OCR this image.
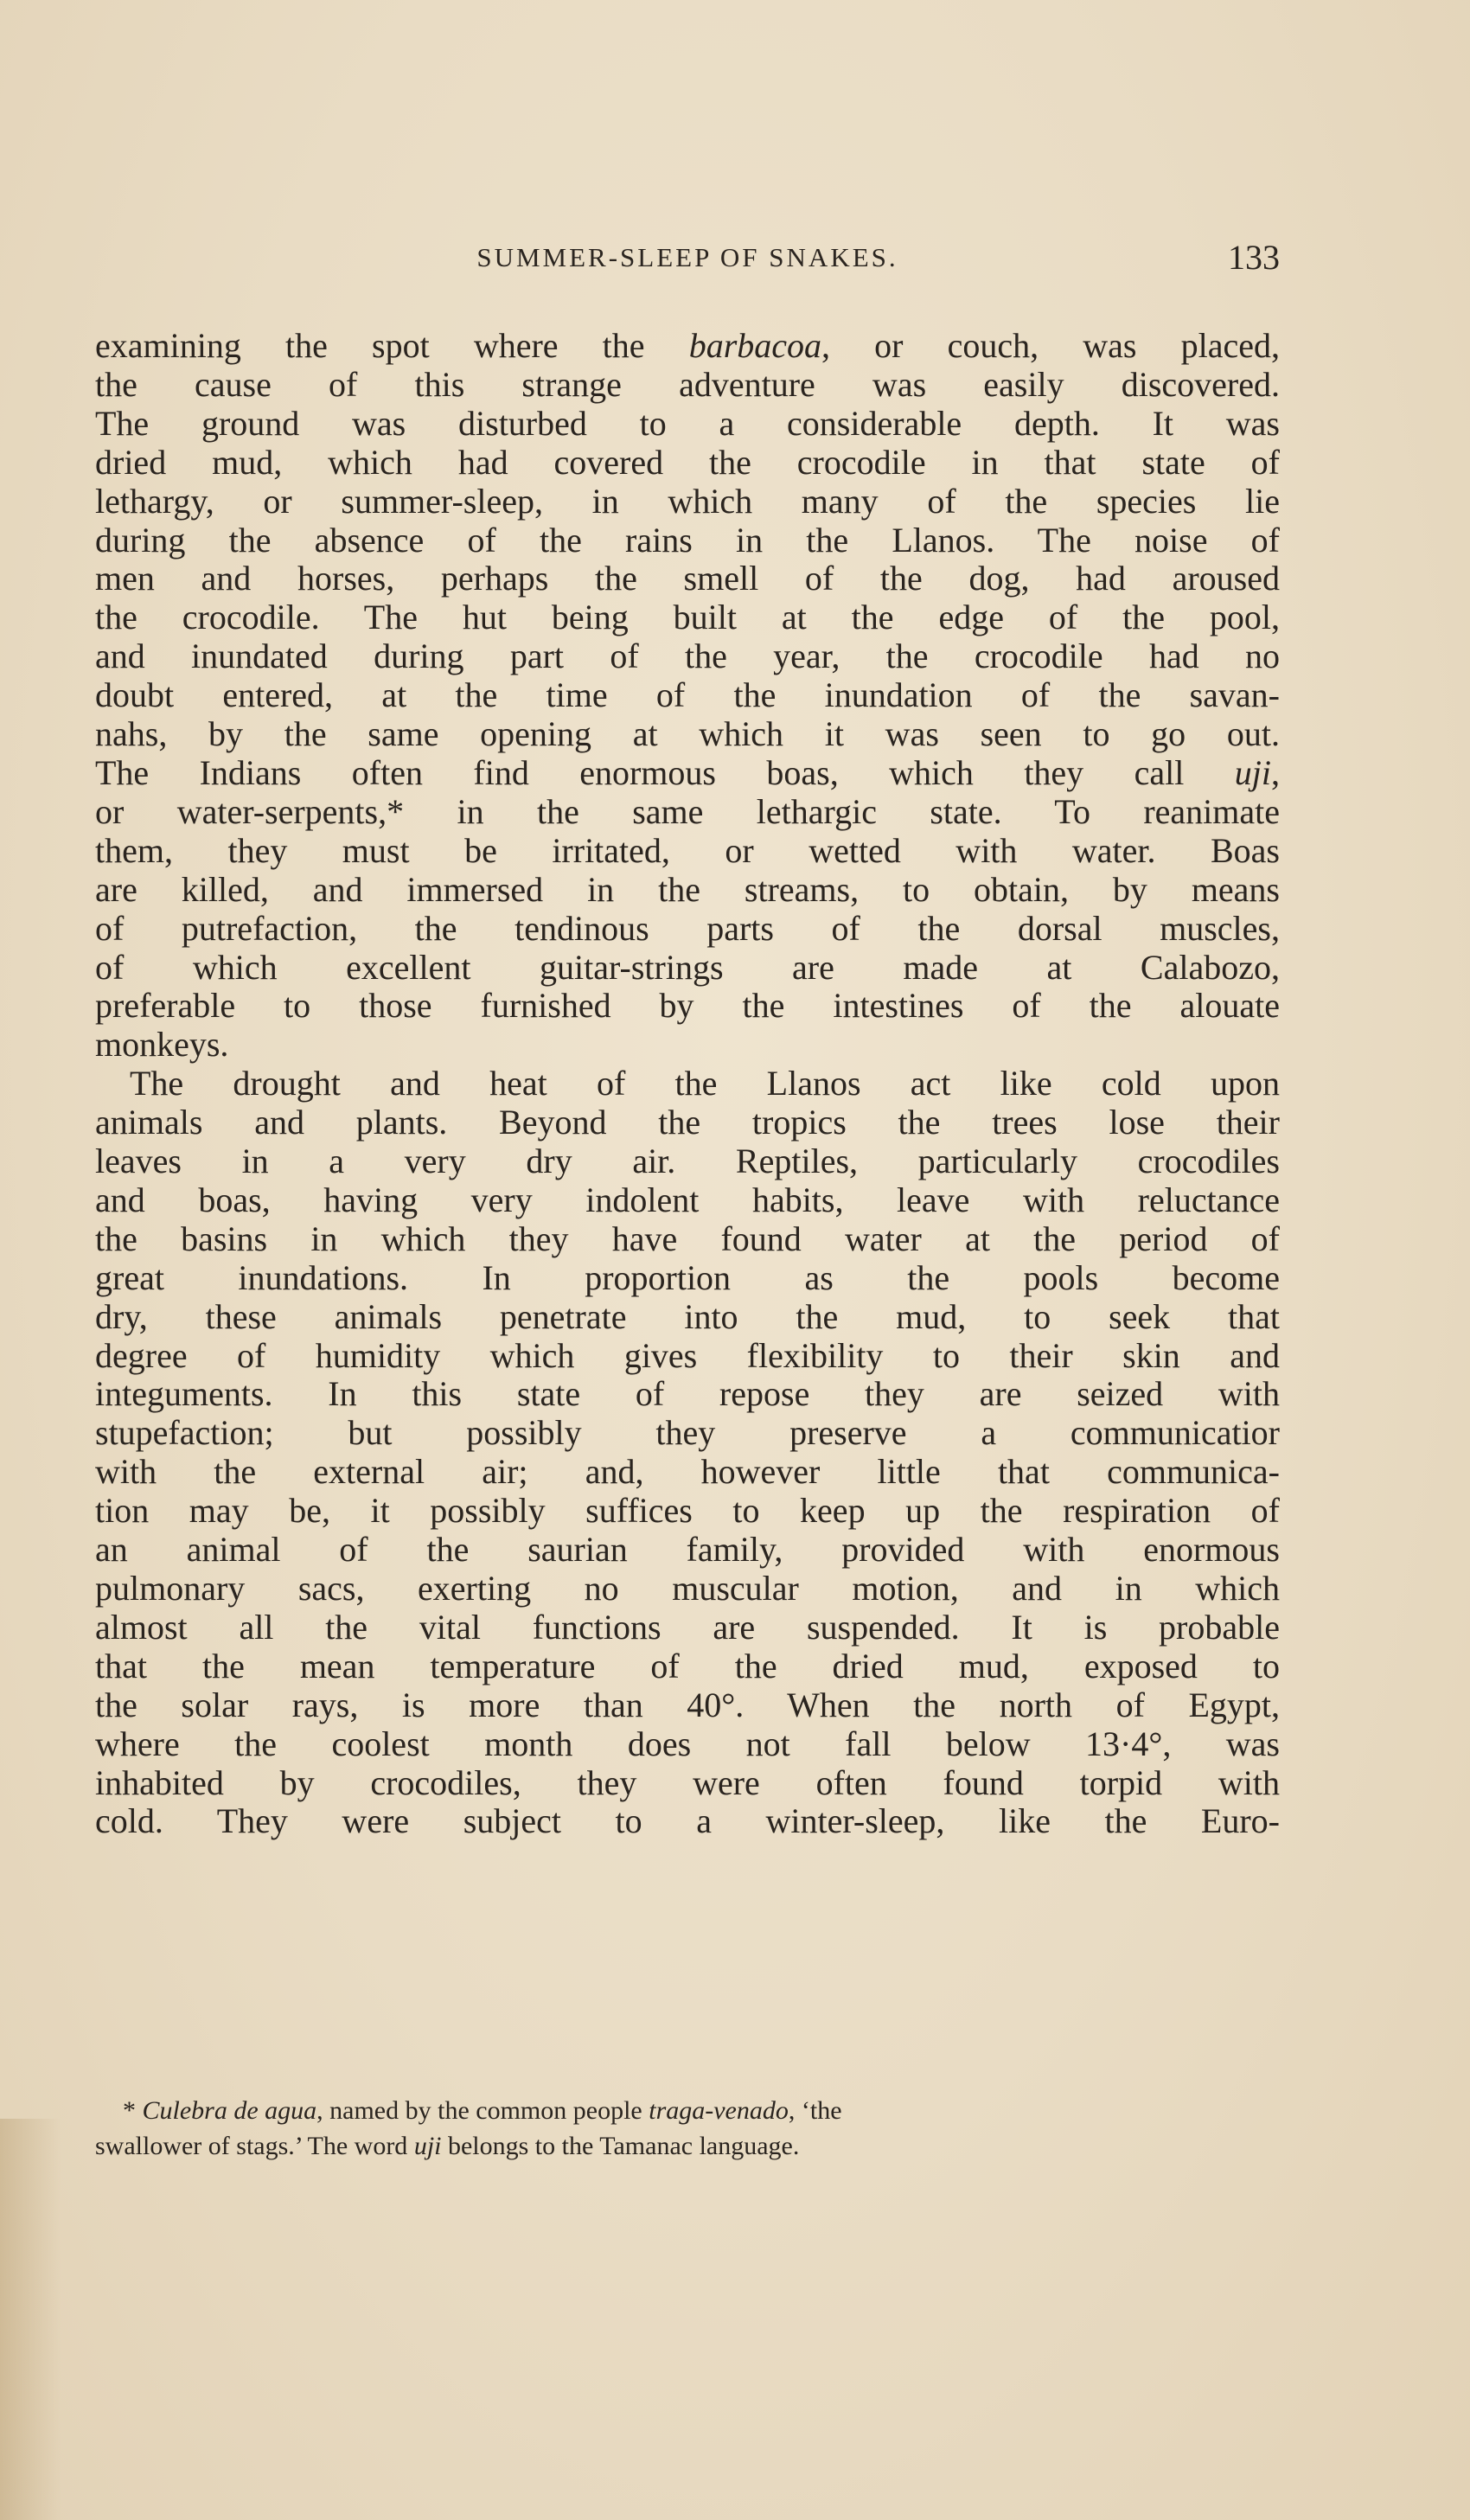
SUMMER-SLEEP OF SNAKES.	133
examining the spot where the barbacoa, or couch, was placed,
the cause of this strange adventure was easily discovered.
The ground was disturbed to a considerable depth. It was
dried mud, which had covered the crocodile in that state of
lethargy, or summer-sleep, in which many of the species lie
during the absence of the rains in the Llanos. The noise of
men and horses, perhaps the smell of the dog, had aroused
the crocodile. The hut being built at the edge of the pool,
and inundated during part of the year, the crocodile had no
doubt entered, at the time of the inundation of the savan-
nahs, by the same opening at which it was seen to go out.
The Indians often find enormous boas, which they call uji,
or water-serpents,* in the same lethargic state. To reanimate
them, they must be irritated, or wetted with water. Boas
are killed, and immersed in the streams, to obtain, by means
of putrefaction, the tendinous parts of the dorsal muscles,
of which excellent guitar-strings are made at Calabozo,
preferable to those furnished by the intestines of the alouate
monkeys.
The drought and heat of the Llanos act like cold upon
animals and plants. Beyond the tropics the trees lose their
leaves in a very dry air. Reptiles, particularly crocodiles
and boas, having very indolent habits, leave with reluctance
the basins in which they have found water at the period of
great inundations. In proportion as the pools become
dry, these animals penetrate into the mud, to seek that
degree of humidity which gives flexibility to their skin and
integuments. In this state of repose they are seized with
stupefaction; but possibly they preserve a communicatior
with the external air; and, however little that communica-
tion may be, it possibly suffices to keep up the respiration of
an animal of the saurian family, provided with enormous
pulmonary sacs, exerting no muscular motion, and in which
almost all the vital functions are suspended. It is probable
that the mean temperature of the dried mud, exposed to
the solar rays, is more than 40°. When the north of Egypt,
where the coolest month does not fall below 13·4°, was
inhabited by crocodiles, they were often found torpid with
cold. They were subject to a winter-sleep, like the Euro-
* Culebra de agua, named by the common people traga-venado, ‘the
swallower of stags.’ The word uji belongs to the Tamanac language.
